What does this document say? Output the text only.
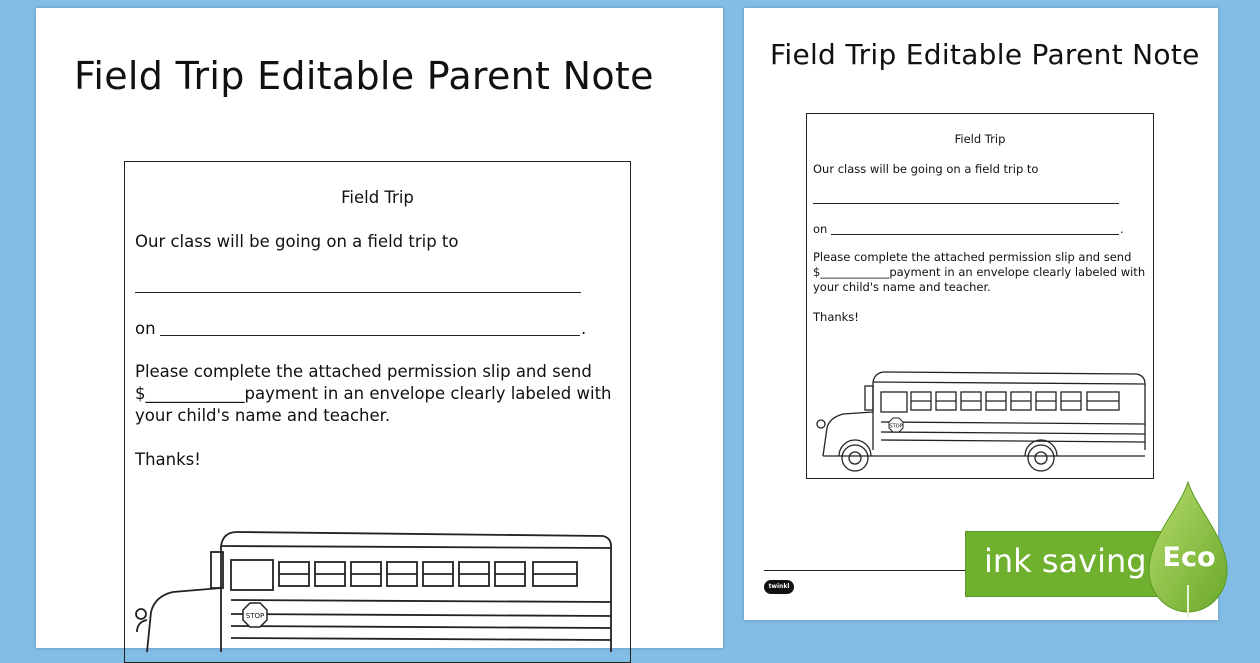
Field Trip Editable Parent Note

Field Trip

Our class will be going on a field trip to

on	.

Please complete the attached permission slip and send
$____________payment in an envelope clearly labeled with
your child's name and teacher.

Thanks!

STOP
Field Trip Editable Parent Note

Field Trip

Our class will be going on a field trip to

on	.

Please complete the attached permission slip and send
$____________payment in an envelope clearly labeled with
your child's name and teacher.

Thanks!

STOP
twinkl
ink saving Eco
